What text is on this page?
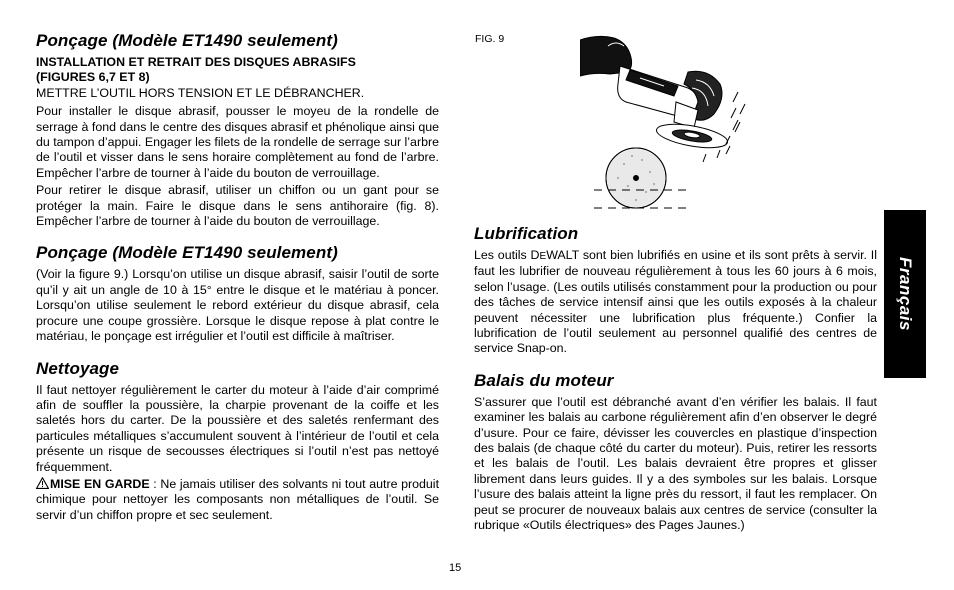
Ponçage (Modèle ET1490 seulement)
INSTALLATION ET RETRAIT DES DISQUES ABRASIFS
(FIGURES 6,7 ET 8)
METTRE L’OUTIL HORS TENSION ET LE DÉBRANCHER.

Pour installer le disque abrasif, pousser le moyeu de la rondelle de serrage à fond dans le centre des disques abrasif et phénolique ainsi que du tampon d’appui. Engager les filets de la rondelle de serrage sur l’arbre de l’outil et visser dans le sens horaire complètement au fond de l’arbre. Empêcher l’arbre de tourner à l’aide du bouton de verrouillage.

Pour retirer le disque abrasif, utiliser un chiffon ou un gant pour se protéger la main. Faire le disque dans le sens antihoraire (fig. 8). Empêcher l’arbre de tourner à l’aide du bouton de verrouillage.

Ponçage (Modèle ET1490 seulement)

(Voir la figure 9.) Lorsqu’on utilise un disque abrasif, saisir l’outil de sorte qu’il y ait un angle de 10 à 15° entre le disque et le matériau à poncer. Lorsqu’on utilise seulement le rebord extérieur du disque abrasif, cela procure une coupe grossière. Lorsque le disque repose à plat contre le matériau, le ponçage est irrégulier et l’outil est difficile à maîtriser.

Nettoyage

Il faut nettoyer régulièrement le carter du moteur à l’aide d’air comprimé afin de souffler la poussière, la charpie provenant de la coiffe et les saletés hors du carter. De la poussière et des saletés renfermant des particules métalliques s’accumulent souvent à l’intérieur de l’outil et cela présente un risque de secousses électriques si l’outil n’est pas nettoyé fréquemment.

MISE EN GARDE : Ne jamais utiliser des solvants ni tout autre produit chimique pour nettoyer les composants non métalliques de l’outil. Se servir d’un chiffon propre et sec seulement.

FIG. 9
Lubrification

Les outils DEWALT sont bien lubrifiés en usine et ils sont prêts à servir. Il faut les lubrifier de nouveau régulièrement à tous les 60 jours à 6 mois, selon l’usage. (Les outils utilisés constamment pour la production ou pour des tâches de service intensif ainsi que les outils exposés à la chaleur peuvent nécessiter une lubrification plus fréquente.) Confier la lubrification de l’outil seulement au personnel qualifié des centres de service Snap-on.

Balais du moteur

S’assurer que l’outil est débranché avant d’en vérifier les balais. Il faut examiner les balais au carbone régulièrement afin d’en observer le degré d’usure. Pour ce faire, dévisser les couvercles en plastique d’inspection des balais (de chaque côté du carter du moteur). Puis, retirer les ressorts et les balais de l’outil. Les balais devraient être propres et glisser librement dans leurs guides. Il y a des symboles sur les balais. Lorsque l’usure des balais atteint la ligne près du ressort, il faut les remplacer. On peut se procurer de nouveaux balais aux centres de service (consulter la rubrique «Outils électriques» des Pages Jaunes.)

Français
15
